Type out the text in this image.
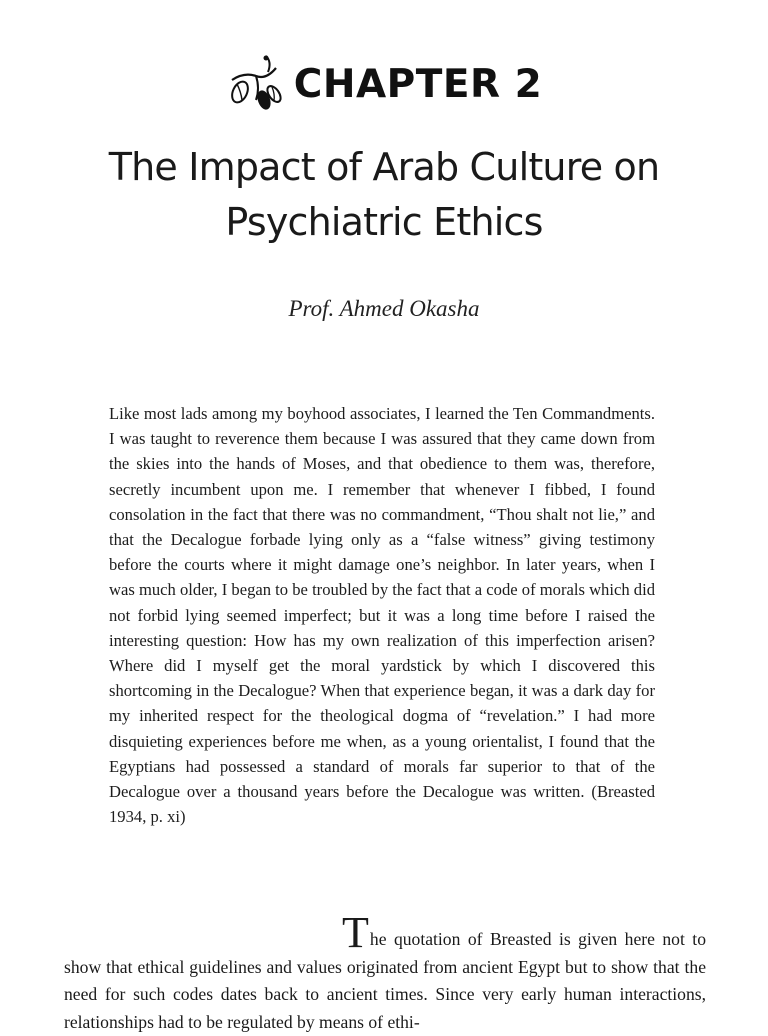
CHAPTER 2
The Impact of Arab Culture on Psychiatric Ethics
Prof. Ahmed Okasha

Like most lads among my boyhood associates, I learned the Ten Commandments. I was taught to reverence them because I was assured that they came down from the skies into the hands of Moses, and that obedience to them was, therefore, secretly incumbent upon me. I remember that whenever I fibbed, I found consolation in the fact that there was no commandment, “Thou shalt not lie,” and that the Decalogue forbade lying only as a “false witness” giving testimony before the courts where it might damage one’s neighbor. In later years, when I was much older, I began to be troubled by the fact that a code of morals which did not forbid lying seemed imperfect; but it was a long time before I raised the interesting question: How has my own realization of this imperfection arisen? Where did I myself get the moral yardstick by which I discovered this shortcoming in the Decalogue? When that experience began, it was a dark day for my inherited respect for the theological dogma of “revelation.” I had more disquieting experiences before me when, as a young orientalist, I found that the Egyptians had possessed a standard of morals far superior to that of the Decalogue over a thousand years before the Decalogue was written. (Breasted 1934, p. xi)

The quotation of Breasted is given here not to show that ethical guidelines and values originated from ancient Egypt but to show that the need for such codes dates back to ancient times. Since very early human interactions, relationships had to be regulated by means of ethi-
